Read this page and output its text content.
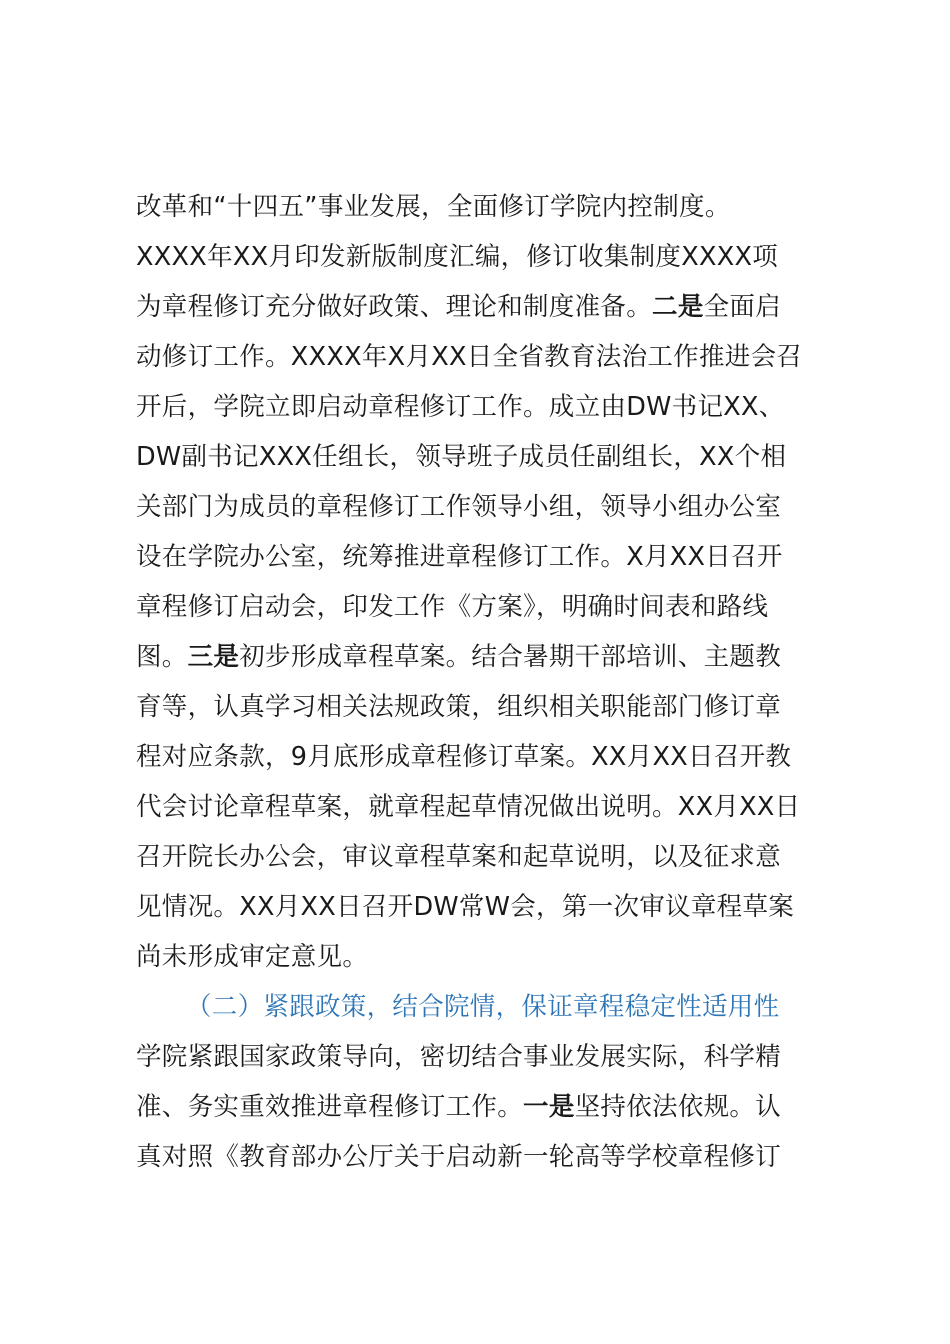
改革和“十四五”事业发展，全面修订学院内控制度。
XXXX年XX月印发新版制度汇编，修订收集制度XXXX项
为章程修订充分做好政策、理论和制度准备。二是全面启
动修订工作。XXXX年X月XX日全省教育法治工作推进会召
开后，学院立即启动章程修订工作。成立由DW书记XX、
DW副书记XXX任组长，领导班子成员任副组长，XX个相
关部门为成员的章程修订工作领导小组，领导小组办公室
设在学院办公室，统筹推进章程修订工作。X月XX日召开
章程修订启动会，印发工作《方案》，明确时间表和路线
图。三是初步形成章程草案。结合暑期干部培训、主题教
育等，认真学习相关法规政策，组织相关职能部门修订章
程对应条款，9月底形成章程修订草案。XX月XX日召开教
代会讨论章程草案，就章程起草情况做出说明。XX月XX日
召开院长办公会，审议章程草案和起草说明，以及征求意
见情况。XX月XX日召开DW常W会，第一次审议章程草案
尚未形成审定意见。
（二）紧跟政策，结合院情，保证章程稳定性适用性
学院紧跟国家政策导向，密切结合事业发展实际，科学精
准、务实重效推进章程修订工作。一是坚持依法依规。认
真对照《教育部办公厅关于启动新一轮高等学校章程修订
